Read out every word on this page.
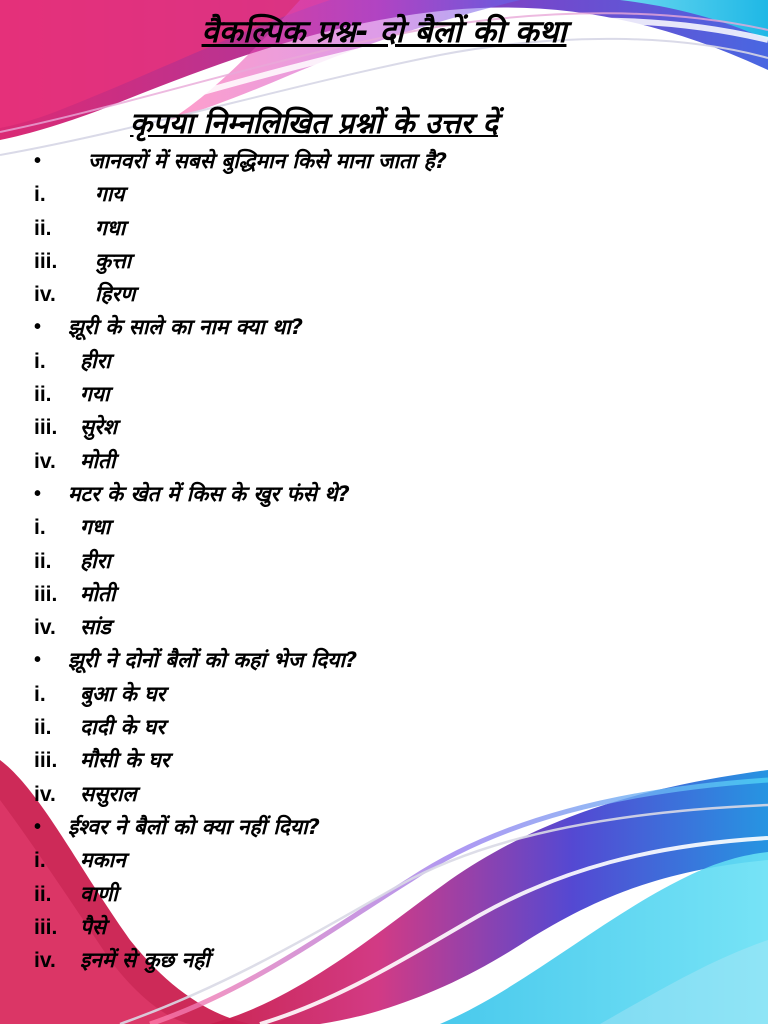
वैकल्पिक प्रश्न- दो बैलों की कथा
कृपया निम्नलिखित प्रश्नों के उत्तर दें
• जानवरों में सबसे बुद्धिमान किसे माना जाता है?
i. गाय
ii. गधा
iii. कुत्ता
iv. हिरण
• झूरी के साले का नाम क्या था?
i. हीरा
ii. गया
iii. सुरेश
iv. मोती
• मटर के खेत में किस के खुर फंसे थे?
i. गधा
ii. हीरा
iii. मोती
iv. सांड
• झूरी ने दोनों बैलों को कहां भेज दिया?
i. बुआ के घर
ii. दादी के घर
iii. मौसी के घर
iv. ससुराल
• ईश्वर ने बैलों को क्या नहीं दिया?
i. मकान
ii. वाणी
iii. पैसे
iv. इनमें से कुछ नहीं
